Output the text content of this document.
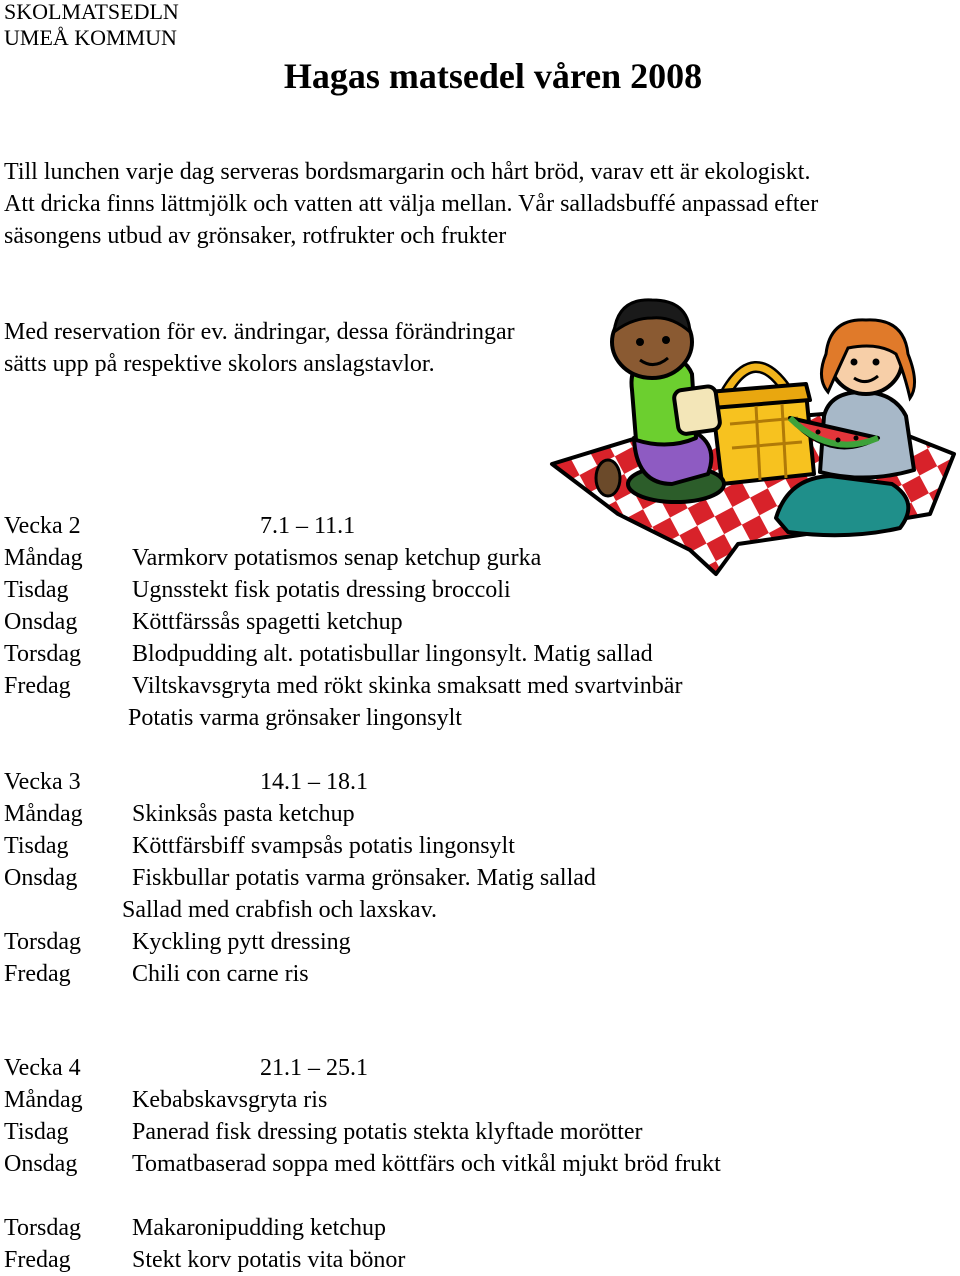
SKOLMATSEDLN
UMEÅ KOMMUN
Hagas matsedel våren 2008
Till lunchen varje dag serveras bordsmargarin och hårt bröd, varav ett är ekologiskt. Att dricka finns lättmjölk och vatten att välja mellan. Vår salladsbuffé anpassad efter säsongens utbud av grönsaker, rotfrukter och frukter
Med reservation för ev. ändringar, dessa förändringar sätts upp på respektive skolors anslagstavlor.
Vecka 2	7.1 – 11.1
Måndag Varmkorv potatismos senap ketchup gurka
Tisdag	Ugnsstekt fisk potatis dressing broccoli
Onsdag Köttfärssås spagetti ketchup
Torsdag Blodpudding alt. potatisbullar lingonsylt. Matig sallad
Fredag	Viltskavsgryta med rökt skinka smaksatt med svartvinbär
Potatis varma grönsaker lingonsylt
Vecka 3	14.1 – 18.1
Måndag Skinksås pasta ketchup
Tisdag	Köttfärsbiff svampsås potatis lingonsylt
Onsdag Fiskbullar potatis varma grönsaker. Matig sallad
Sallad med crabfish och laxskav.
Torsdag Kyckling pytt dressing
Fredag	Chili con carne ris
Vecka 4	21.1 – 25.1
Måndag Kebabskavsgryta ris
Tisdag	Panerad fisk dressing potatis stekta klyftade morötter
Onsdag Tomatbaserad soppa med köttfärs och vitkål mjukt bröd frukt
Torsdag Makaronipudding ketchup
Fredag	Stekt korv potatis vita bönor
